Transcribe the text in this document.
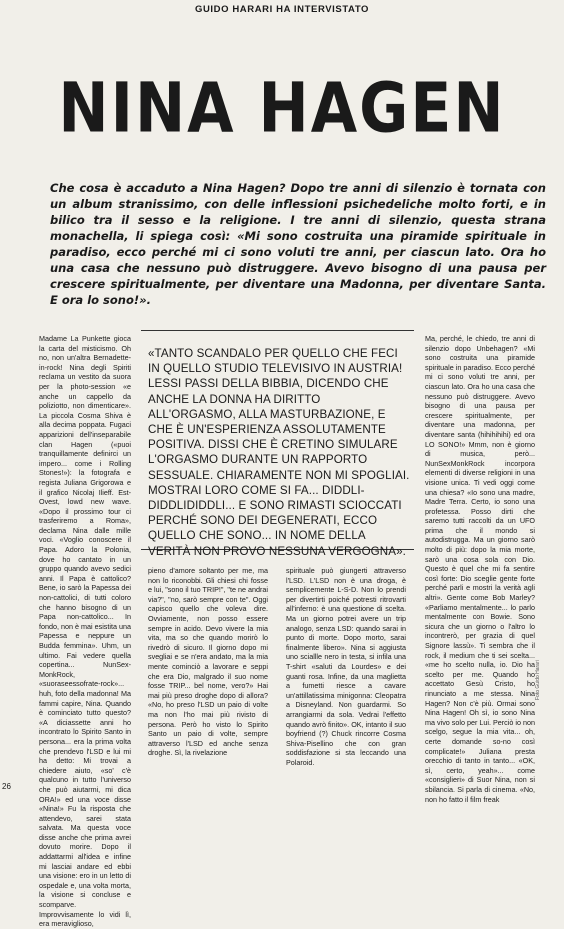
GUIDO HARARI HA INTERVISTATO
NINA HAGEN

Che cosa è accaduto a Nina Hagen? Dopo tre anni di silenzio è tornata con un album stranissimo, con delle inflessioni psichedeliche molto forti, e in bilico tra il sesso e la religione. I tre anni di silenzio, questa strana monachella, li spiega così: «Mi sono costruita una piramide spirituale in paradiso, ecco perché mi ci sono voluti tre anni, per ciascun lato. Ora ho una casa che nessuno può distruggere. Avevo bisogno di una pausa per crescere spiritualmente, per diventare una Madonna, per diventare Santa. E ora lo sono!».

Madame La Punkette gioca la carta del misticismo. Oh no, non un'altra Bernadette-in-rock! Nina degli Spiriti reclama un vestito da suora per la photo-session «e anche un cappello da poliziotto, non dimenticare». La piccola Cosma Shiva è alla decima poppata. Fugaci apparizioni dell'inseparabile clan Hagen («puoi tranquillamente definirci un impero... come i Rolling Stones!»): la fotografa e regista Juliana Grigorowa e il grafico Nicolaj Ilieff. Est-Ovest, lowd new wave. «Dopo il prossimo tour ci trasferiremo a Roma», declama Nina dalle mille voci. «Voglio conoscere il Papa. Adoro la Polonia, dove ho cantato in un gruppo quando avevo sedici anni. Il Papa è cattolico? Bene, io sarò la Papessa dei non-cattolici, di tutti coloro che hanno bisogno di un Papa non-cattolico... In fondo, non è mai esistita una Papessa e neppure un Budda femmina». Uhm, un ultimo. Fai vedere quella copertina... NunSex-MonkRock, «suoraseessofrate-rock»... huh, foto della madonna! Ma fammi capire, Nina. Quando è cominciato tutto questo? «A diciassette anni ho incontrato lo Spirito Santo in persona... era la prima volta che prendevo l'LSD e lui mi ha detto: Mi trovai a chiedere aiuto, «so' c'è qualcuno in tutto l'universo che può aiutarmi, mi dica ORA!» ed una voce disse «Nina!» Fu la risposta che attendevo, sarei stata salvata. Ma questa voce disse anche che prima avrei dovuto morire. Dopo il addattarmi all'idea e infine mi lasciai andare ed ebbi una visione: ero in un letto di ospedale e, una volta morta, la visione si concluse e scomparve. Improvvisamente lo vidi lì, era meraviglioso,

«TANTO SCANDALO PER QUELLO CHE FECI IN QUELLO STUDIO TELEVISIVO IN AUSTRIA! LESSI PASSI DELLA BIBBIA, DICENDO CHE ANCHE LA DONNA HA DIRITTO ALL'ORGASMO, ALLA MASTURBAZIONE, E CHE È UN'ESPERIENZA ASSOLUTAMENTE POSITIVA. DISSI CHE È CRETINO SIMULARE L'ORGASMO DURANTE UN RAPPORTO SESSUALE. CHIARAMENTE NON MI SPOGLIAI. MOSTRAI LORO COME SI FA... DIDDLI-DIDDLIDIDDLI... E SONO RIMASTI SCIOCCATI PERCHÉ SONO DEI DEGENERATI, ECCO QUELLO CHE SONO... IN NOME DELLA VERITÀ NON PROVO NESSUNA VERGOGNA».

pieno d'amore soltanto per me, ma non lo riconobbi. Gli chiesi chi fosse e lui, "sono il tuo TRIP!", "te ne andrai via?", "no, sarò sempre con te". Oggi capisco quello che voleva dire. Ovviamente, non posso essere sempre in acido. Devo vivere la mia vita, ma so che quando morirò lo rivedrò di sicuro. Il giorno dopo mi svegliai e se n'era andato, ma la mia mente cominciò a lavorare e seppi che era Dio, malgrado il suo nome fosse TRIP... bel nome, vero?» Hai mai più preso droghe dopo di allora? «No, ho preso l'LSD un paio di volte ma non l'ho mai più rivisto di persona. Però ho visto lo Spirito Santo un paio di volte, sempre attraverso l'LSD ed anche senza droghe. Sì, la rivelazione

spirituale può giungerti attraverso l'LSD. L'LSD non è una droga, è semplicemente L-S-D. Non lo prendi per divertirti poiché potresti ritrovarti all'inferno: è una questione di scelta. Ma un giorno potrei avere un trip analogo, senza LSD: quando sarai in punto di morte. Dopo morto, sarai finalmente libero». Nina si aggiusta uno sciallle nero in testa, si infila una T-shirt «saluti da Lourdes» e dei guanti rosa. Infine, da una maglietta a fumetti riesce a cavare un'attillatissima minigonna: Cleopatra a Disneyland. Non guardarmi. So arrangiarmi da sola. Vedrai l'effetto quando avrò finito». OK, intanto il suo boyfriend (?) Chuck rincorre Cosma Shiva-Pisellino che con gran soddisfazione si sta leccando una Polaroid.

Ma, perché, le chiedo, tre anni di silenzio dopo Unbehagen? «Mi sono costruita una piramide spirituale in paradiso. Ecco perché mi ci sono voluti tre anni, per ciascun lato. Ora ho una casa che nessuno può distruggere. Avevo bisogno di una pausa per crescere spiritualmente, per diventare una madonna, per diventare santa (hihihihihi) ed ora LO SONO!» Mmm, non è giorno di musica, però... NunSexMonkRock incorpora elementi di diverse religioni in una visione unica. Ti vedi oggi come una chiesa? «Io sono una madre, Madre Terra. Certo, io sono una profetessa. Posso dirti che saremo tutti raccolti da un UFO prima che il mondo si autodistrugga. Ma un giorno sarò molto di più: dopo la mia morte, sarò una cosa sola con Dio. Questo è quel che mi fa sentire così forte: Dio sceglie gente forte perché parli e mostri la verità agli altri». Gente come Bob Marley? «Parliamo mentalmente... lo parlo mentalmente con Bowie. Sono sicura che un giorno o l'altro lo incontrerò, per grazia di quel Signore lassù». Ti sembra che il rock, il medium che ti sei scelta... «me ho scelto nulla, io. Dio ha scelto per me. Quando ho accettato Gesù Cristo, ho rinunciato a me stessa. Nina Hagen? Non c'è più. Ormai sono Nina Hagen! Oh sì, io sono Nina ma vivo solo per Lui. Perciò io non scelgo, segue la mia vita... oh, certe domande so-no così complicate!» Juliana presta orecchio di tanto in tanto... «OK, sì, certo, yeah»... come «consiglieri» di Suor Nina, non si sbilancia. Si parla di cinema. «No, non ho fatto il film freak

26
Foto Guido Harari
